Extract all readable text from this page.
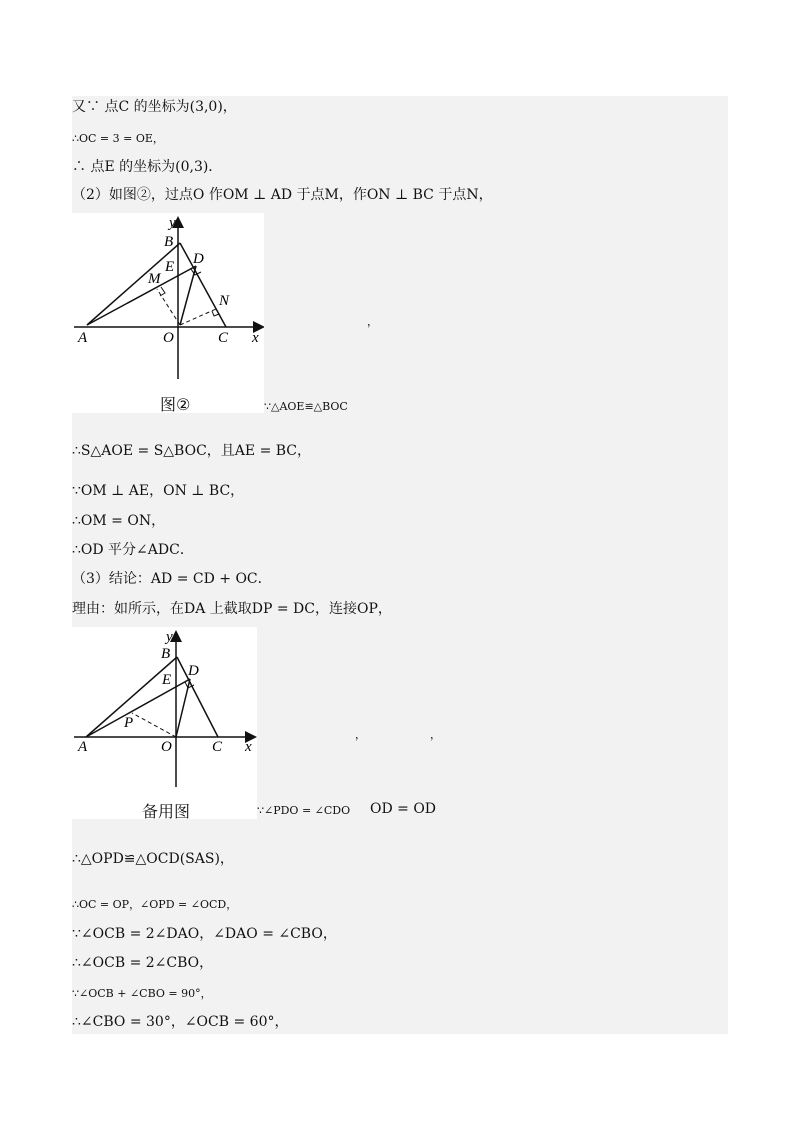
又∵ 点C 的坐标为(3,0)，
∴OC = 3 = OE，
∴ 点E 的坐标为(0,3)．
（2）如图②，过点O 作OM ⊥ AD 于点M，作ON ⊥ BC 于点N，
A
B
C
D
E
M
N
O	x
y
图②
，
∵△AOE≌△BOC
∴S△AOE = S△BOC，且AE = BC，
∵OM ⊥ AE，ON ⊥ BC，
∴OM = ON，
∴OD 平分∠ADC．
（3）结论：AD = CD + OC．
理由：如所示，在DA 上截取DP = DC，连接OP，
A
B
C
D
E
P
O	x
y
备用图
，	，
∵∠PDO = ∠CDO OD = OD
∴△OPD≌△OCD(SAS)，
∴OC = OP，∠OPD = ∠OCD，
∵∠OCB = 2∠DAO，∠DAO = ∠CBO，
∴∠OCB = 2∠CBO，
∵∠OCB + ∠CBO = 90°，
∴∠CBO = 30°，∠OCB = 60°，
